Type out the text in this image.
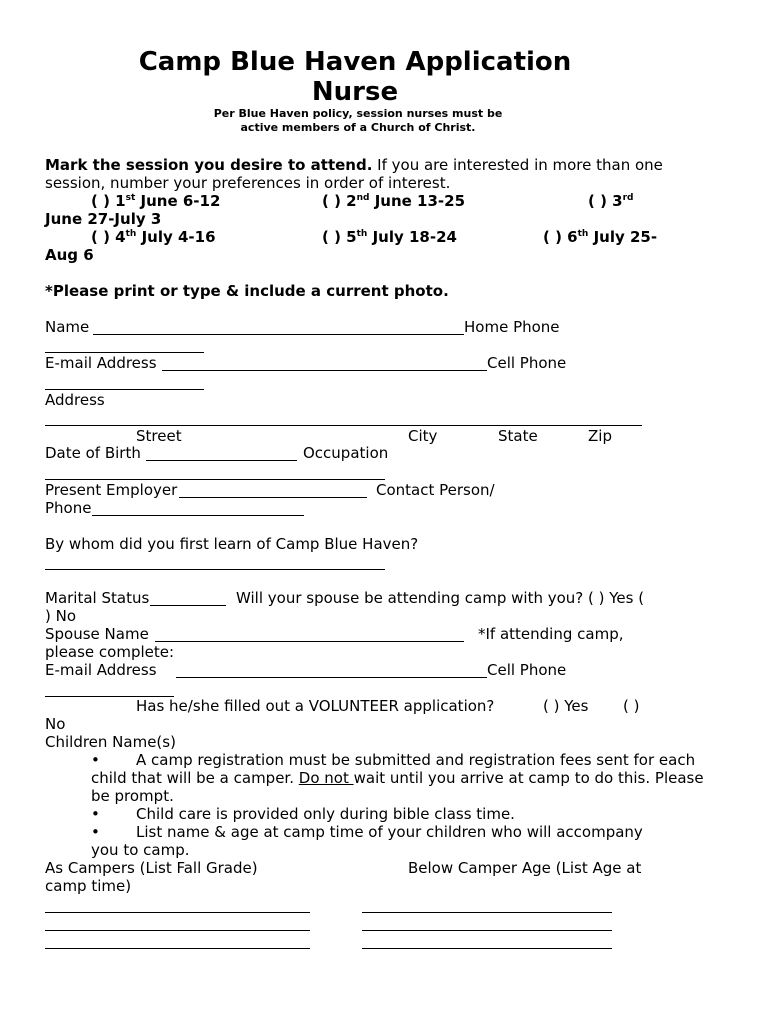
Camp Blue Haven Application
Nurse
Per Blue Haven policy, session nurses must be
active members of a Church of Christ.
Mark the session you desire to attend. If you are interested in more than one
session, number your preferences in order of interest.
( ) 1st June 6-12	( ) 2nd June 13-25	( ) 3rd
June 27-July 3
( ) 4th July 4-16	( ) 5th July 18-24	( ) 6th July 25-
Aug 6
*Please print or type & include a current photo.
Name	Home Phone
E-mail Address	Cell Phone
Address
Street	City	State	Zip
Date of Birth	Occupation
Present Employer	Contact Person/
Phone
By whom did you first learn of Camp Blue Haven?
Marital Status	Will your spouse be attending camp with you? ( ) Yes (
) No
Spouse Name	*If attending camp,
please complete:
E-mail Address	Cell Phone
Has he/she filled out a VOLUNTEER application?	( ) Yes ( )
No
Children Name(s)
• A camp registration must be submitted and registration fees sent for each
child that will be a camper. Do not wait until you arrive at camp to do this. Please
be prompt.
• Child care is provided only during bible class time.
• List name & age at camp time of your children who will accompany
you to camp.
As Campers (List Fall Grade)	Below Camper Age (List Age at
camp time)
